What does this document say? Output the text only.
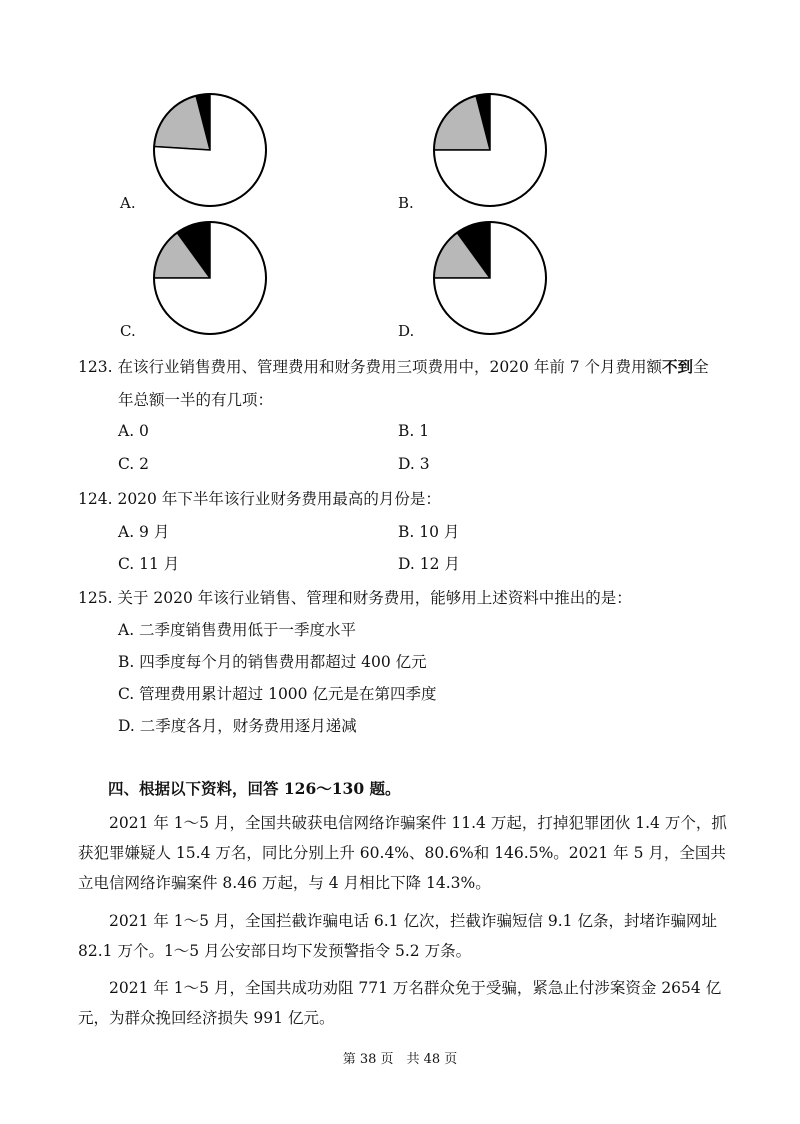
A.	B.
C.	D.
123. 在该行业销售费用、管理费用和财务费用三项费用中，2020 年前 7 个月费用额不到全
年总额一半的有几项：
A. 0	B. 1
C. 2	D. 3
124. 2020 年下半年该行业财务费用最高的月份是：
A. 9 月	B. 10 月
C. 11 月	D. 12 月
125. 关于 2020 年该行业销售、管理和财务费用，能够用上述资料中推出的是：
A. 二季度销售费用低于一季度水平
B. 四季度每个月的销售费用都超过 400 亿元
C. 管理费用累计超过 1000 亿元是在第四季度
D. 二季度各月，财务费用逐月递减
四、根据以下资料，回答 126～130 题。
2021 年 1～5 月，全国共破获电信网络诈骗案件 11.4 万起，打掉犯罪团伙 1.4 万个，抓获犯罪嫌疑人 15.4 万名，同比分别上升 60.4%、80.6%和 146.5%。2021 年 5 月，全国共立电信网络诈骗案件 8.46 万起，与 4 月相比下降 14.3%。
2021 年 1～5 月，全国拦截诈骗电话 6.1 亿次，拦截诈骗短信 9.1 亿条，封堵诈骗网址 82.1 万个。1～5 月公安部日均下发预警指令 5.2 万条。
2021 年 1～5 月，全国共成功劝阻 771 万名群众免于受骗，紧急止付涉案资金 2654 亿元，为群众挽回经济损失 991 亿元。
第 38 页　共 48 页
